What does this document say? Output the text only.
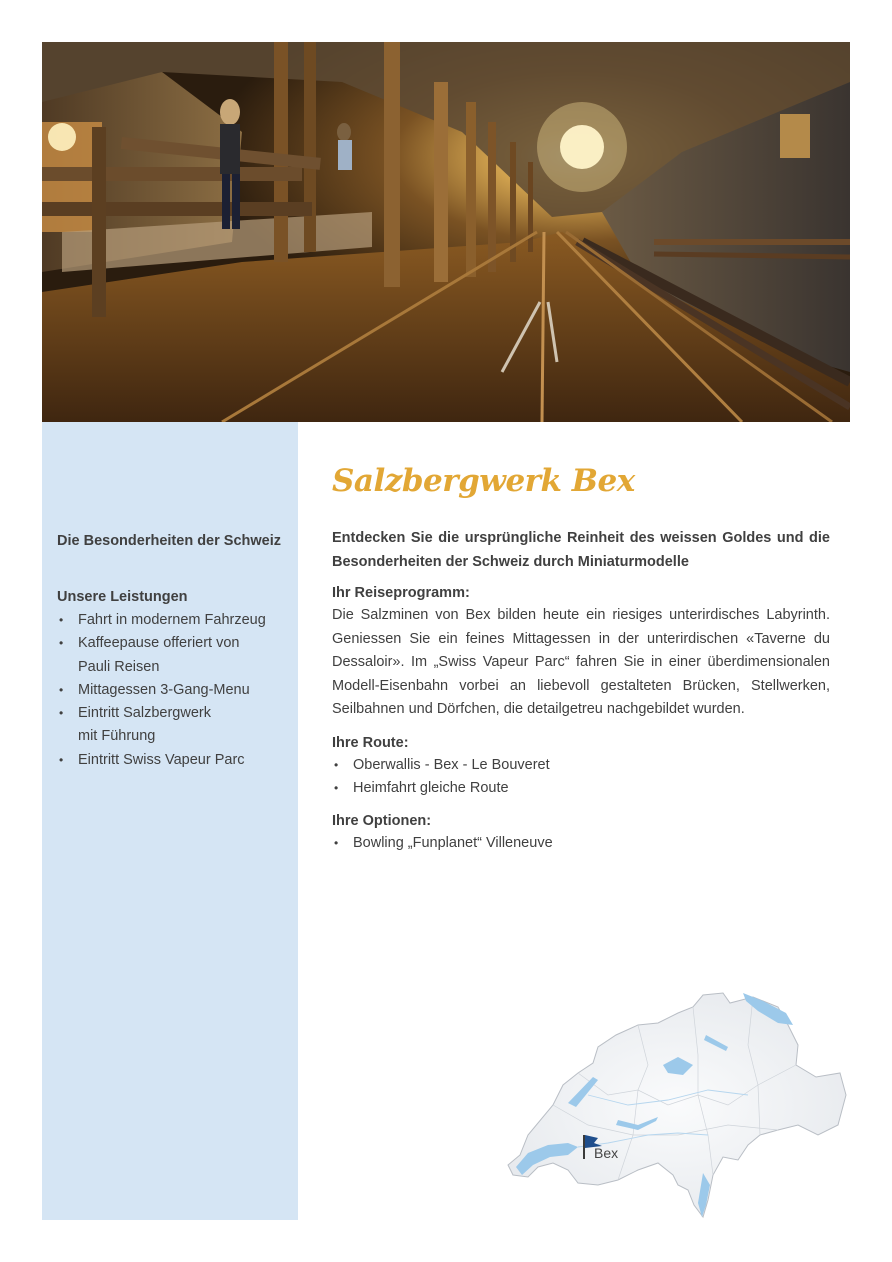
Die Besonderheiten der Schweiz
Unsere Leistungen
• Fahrt in modernem Fahrzeug
• Kaffeepause offeriert von
Pauli Reisen
• Mittagessen 3-Gang-Menu
• Eintritt Salzbergwerk
mit Führung
• Eintritt Swiss Vapeur Parc
Salzbergwerk Bex

Entdecken Sie die ursprüngliche Reinheit des weissen Goldes und die Besonderheiten der Schweiz durch Miniaturmodelle

Ihr Reiseprogramm:
Die Salzminen von Bex bilden heute ein riesiges unterirdisches Labyrinth. Geniessen Sie ein feines Mittagessen in der unterirdischen «Taverne du Dessaloir». Im „Swiss Vapeur Parc“ fahren Sie in einer überdimensionalen Modell-Eisenbahn vorbei an liebevoll gestalteten Brücken, Stellwerken, Seilbahnen und Dörfchen, die detailgetreu nachgebildet wurden.
Ihre Route:
• Oberwallis - Bex - Le Bouveret
• Heimfahrt gleiche Route
Ihre Optionen:
• Bowling „Funplanet“ Villeneuve
Bex
